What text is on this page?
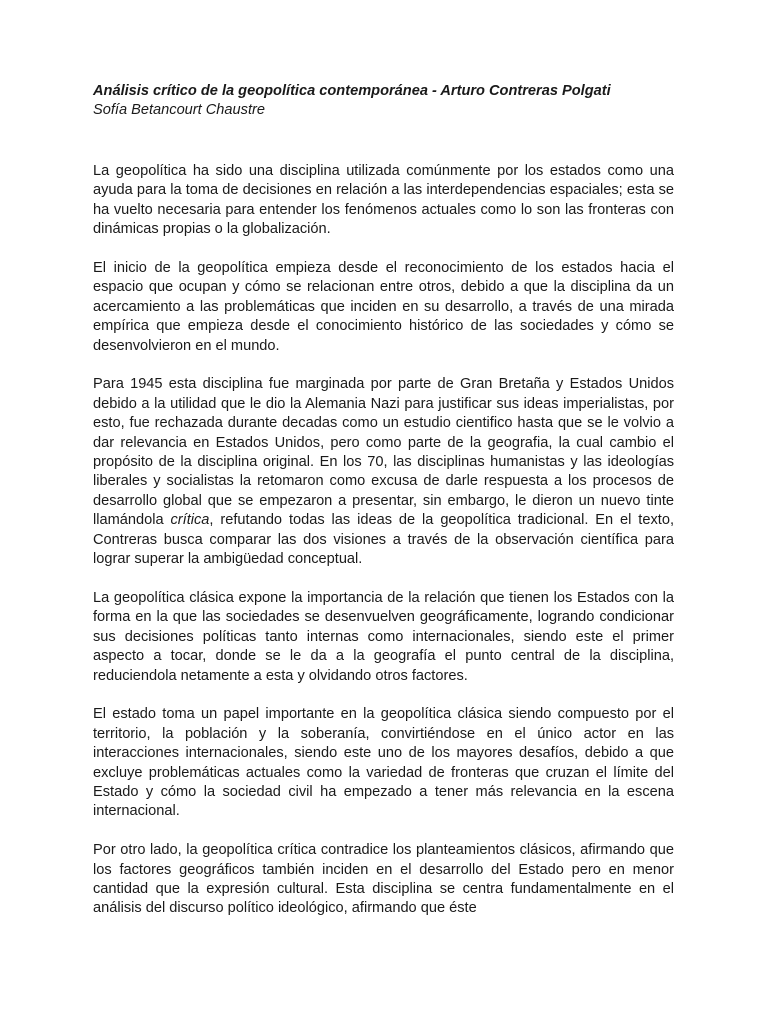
Análisis crítico de la geopolítica contemporánea - Arturo Contreras Polgati

Sofía Betancourt Chaustre

La geopolítica ha sido una disciplina utilizada comúnmente por los estados como una ayuda para la toma de decisiones en relación a las interdependencias espaciales; esta se ha vuelto necesaria para entender los fenómenos actuales como lo son las fronteras con dinámicas propias o la globalización.

El inicio de la geopolítica empieza desde el reconocimiento de los estados hacia el espacio que ocupan y cómo se relacionan entre otros, debido a que la disciplina da un acercamiento a las problemáticas que inciden en su desarrollo, a través de una mirada empírica que empieza desde el conocimiento histórico de las sociedades y cómo se desenvolvieron en el mundo.

Para 1945 esta disciplina fue marginada por parte de Gran Bretaña y Estados Unidos debido a la utilidad que le dio la Alemania Nazi para justificar sus ideas imperialistas, por esto, fue rechazada durante decadas como un estudio cientifico hasta que se le volvio a dar relevancia en Estados Unidos, pero como parte de la geografia, la cual cambio el propósito de la disciplina original. En los 70, las disciplinas humanistas y las ideologías liberales y socialistas la retomaron como excusa de darle respuesta a los procesos de desarrollo global que se empezaron a presentar, sin embargo, le dieron un nuevo tinte llamándola crítica, refutando todas las ideas de la geopolítica tradicional. En el texto, Contreras busca comparar las dos visiones a través de la observación científica para lograr superar la ambigüedad conceptual.

La geopolítica clásica expone la importancia de la relación que tienen los Estados con la forma en la que las sociedades se desenvuelven geográficamente, logrando condicionar sus decisiones políticas tanto internas como internacionales, siendo este el primer aspecto a tocar, donde se le da a la geografía el punto central de la disciplina, reduciendola netamente a esta y olvidando otros factores.

El estado toma un papel importante en la geopolítica clásica siendo compuesto por el territorio, la población y la soberanía, convirtiéndose en el único actor en las interacciones internacionales, siendo este uno de los mayores desafíos, debido a que excluye problemáticas actuales como la variedad de fronteras que cruzan el límite del Estado y cómo la sociedad civil ha empezado a tener más relevancia en la escena internacional.

Por otro lado, la geopolítica crítica contradice los planteamientos clásicos, afirmando que los factores geográficos también inciden en el desarrollo del Estado pero en menor cantidad que la expresión cultural. Esta disciplina se centra fundamentalmente en el análisis del discurso político ideológico, afirmando que éste
